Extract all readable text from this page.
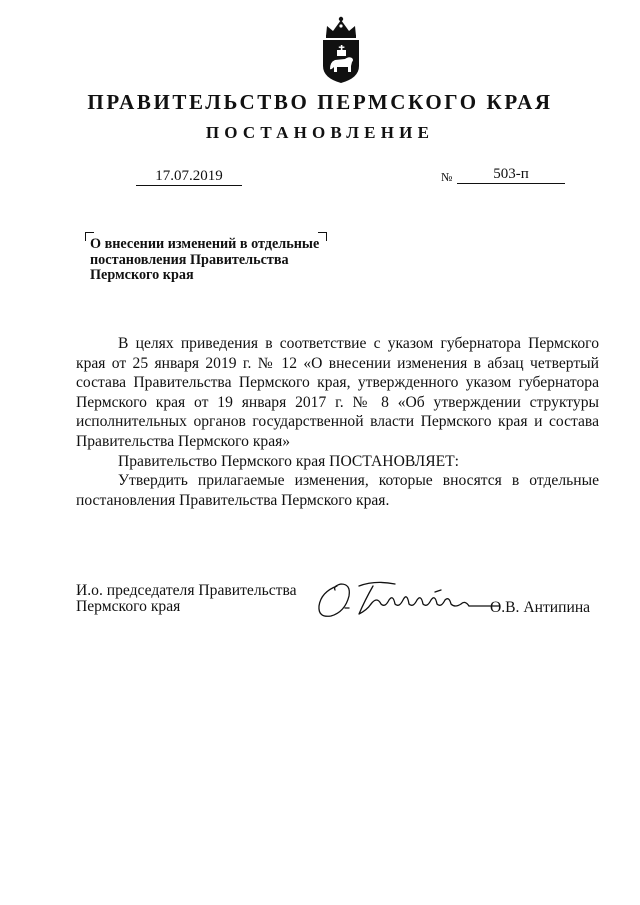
ПРАВИТЕЛЬСТВО ПЕРМСКОГО КРАЯ
ПОСТАНОВЛЕНИЕ
17.07.2019	№	503-п
О внесении изменений в отдельные
постановления Правительства
Пермского края

В целях приведения в соответствие с указом губернатора Пермского края от 25 января 2019 г. № 12 «О внесении изменения в абзац четвертый состава Правительства Пермского края, утвержденного указом губернатора Пермского края от 19 января 2017 г. № 8 «Об утверждении структуры исполнительных органов государственной власти Пермского края и состава Правительства Пермского края»

Правительство Пермского края ПОСТАНОВЛЯЕТ:

Утвердить прилагаемые изменения, которые вносятся в отдельные постановления Правительства Пермского края.

И.о. председателя Правительства
Пермского края	О.В. Антипина
